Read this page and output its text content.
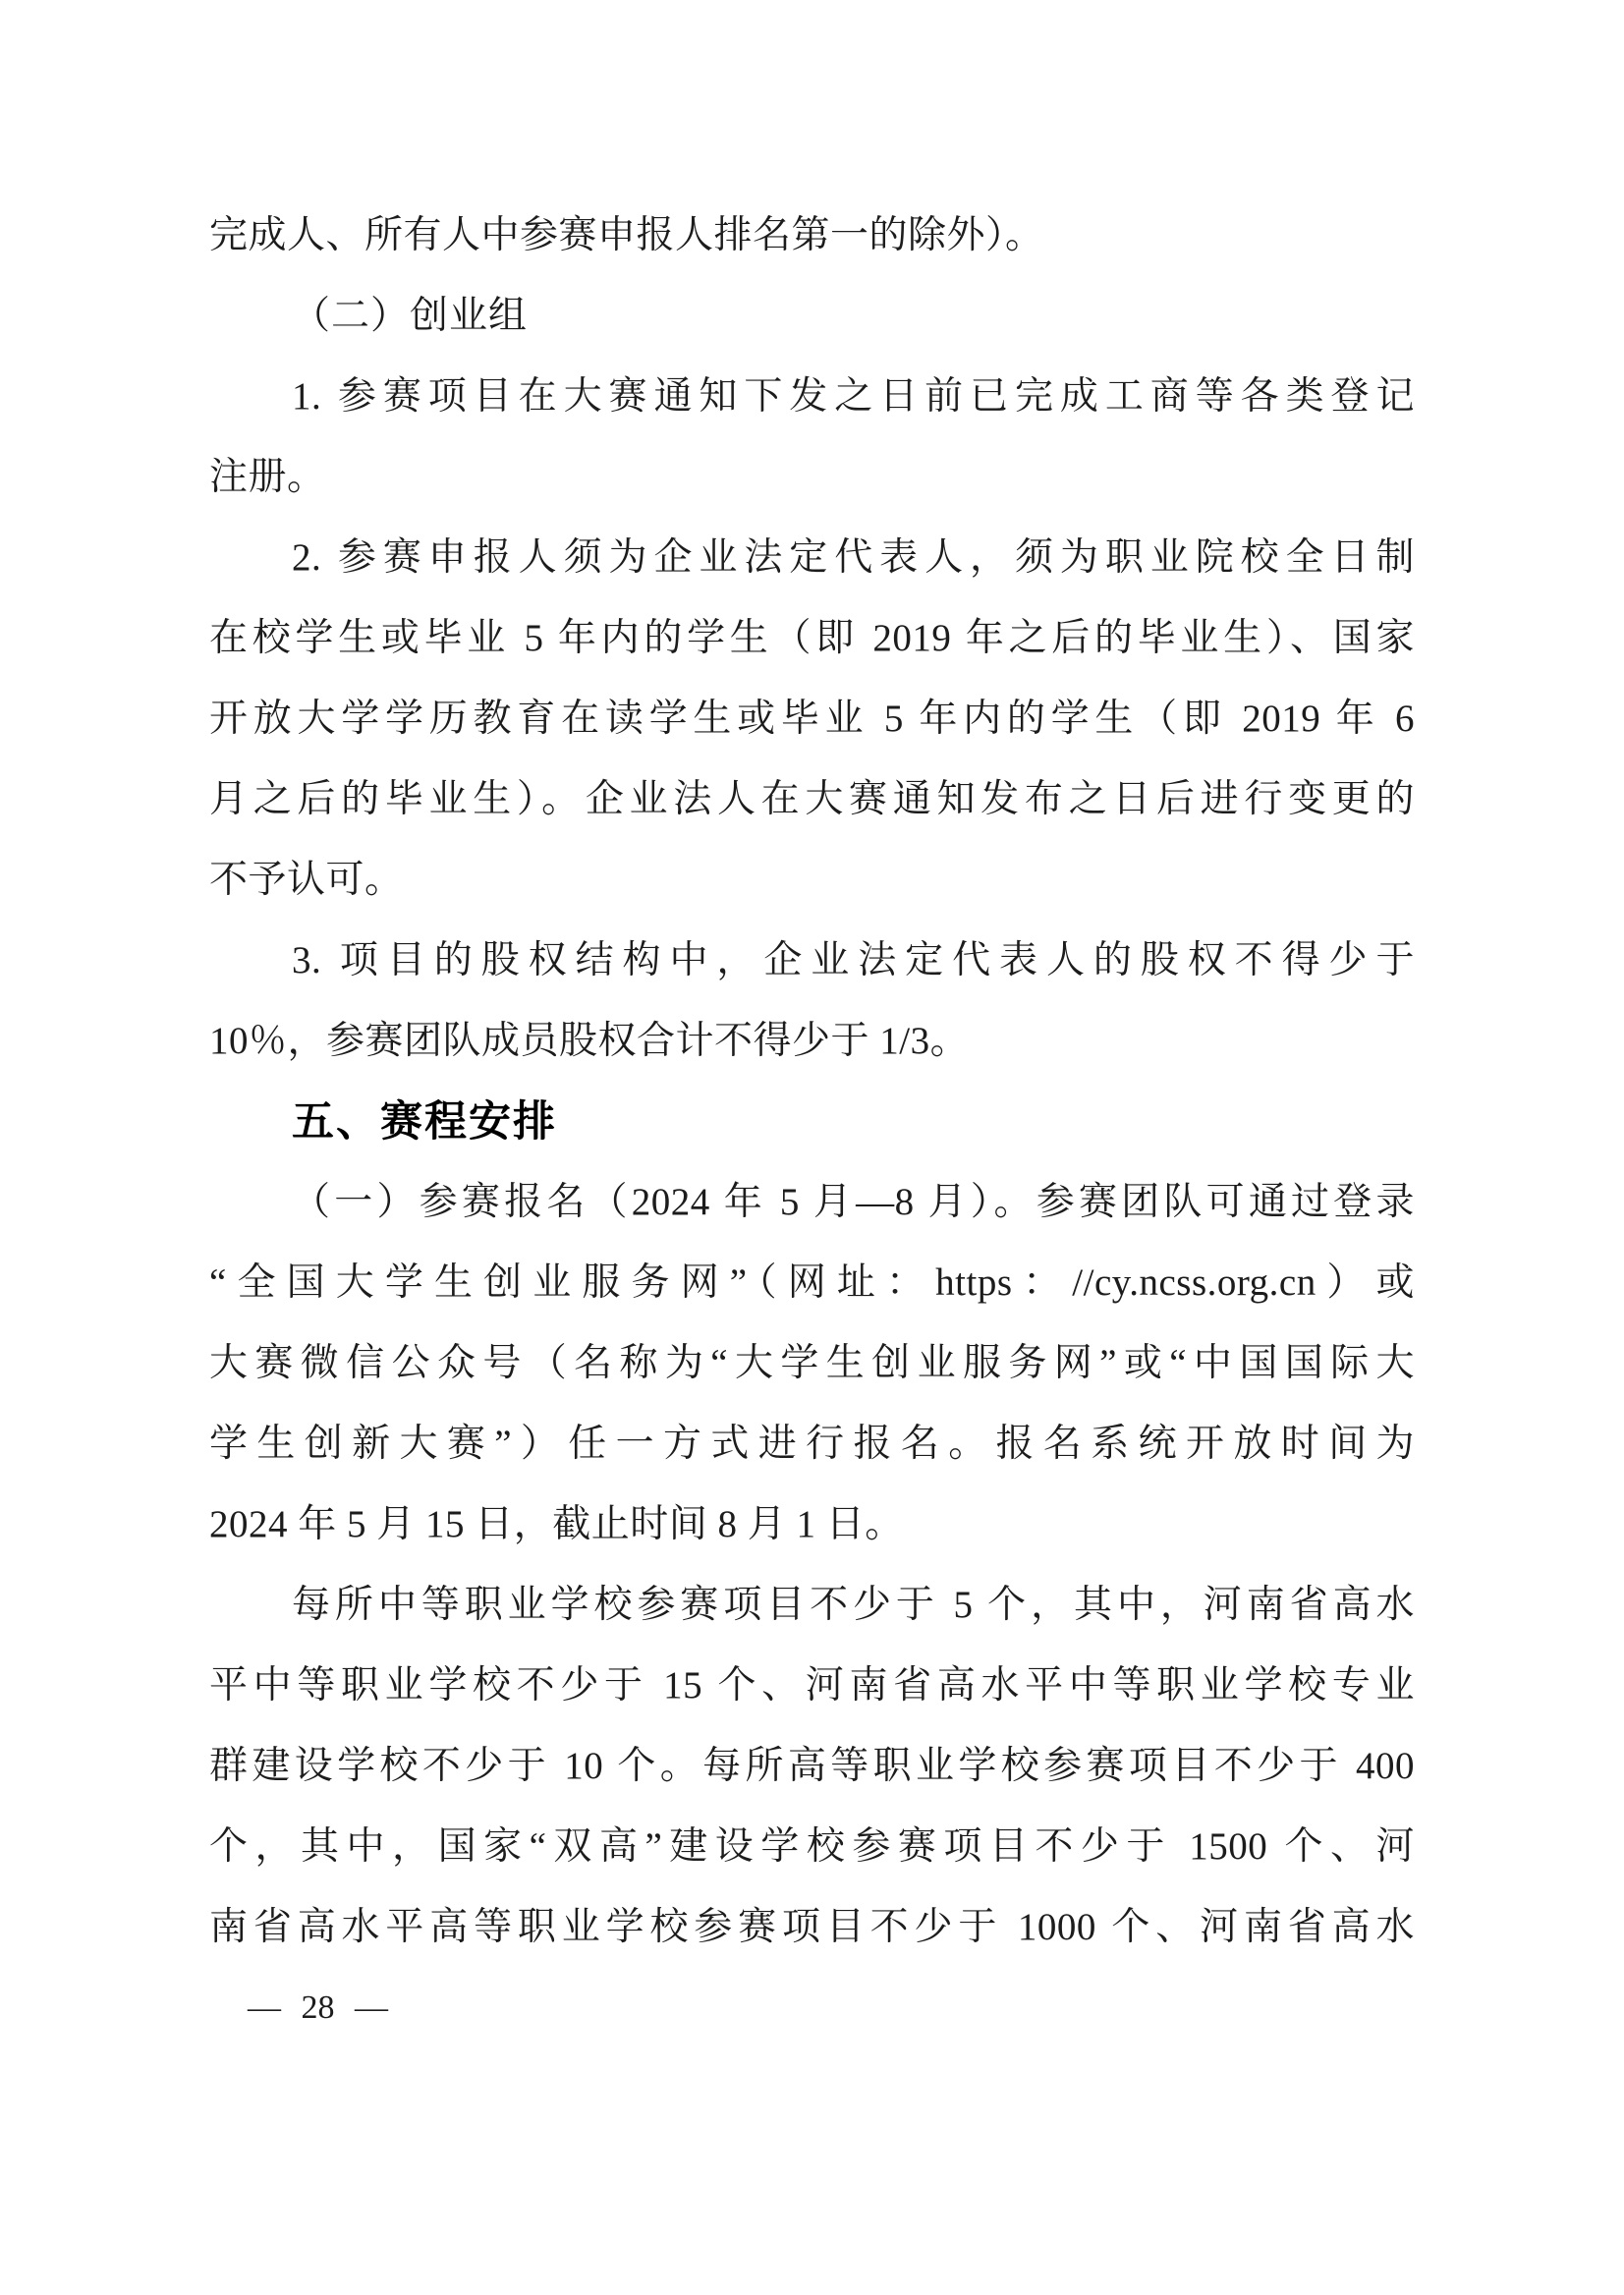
完成人、所有人中参赛申报人排名第一的除外）。
（二）创业组
1. 参赛项目在大赛通知下发之日前已完成工商等各类登记
注册。
2. 参赛申报人须为企业法定代表人，须为职业院校全日制
在校学生或毕业 5 年内的学生（即 2019 年之后的毕业生）、国家
开放大学学历教育在读学生或毕业 5 年内的学生（即 2019 年 6
月之后的毕业生）。企业法人在大赛通知发布之日后进行变更的
不予认可。
3. 项目的股权结构中，企业法定代表人的股权不得少于
10％，参赛团队成员股权合计不得少于 1/3。
五、赛程安排
（一）参赛报名（2024 年 5 月—8 月）。参赛团队可通过登录
“全国大学生创业服务网”（网址：https：//cy.ncss.org.cn）或
大赛微信公众号（名称为“大学生创业服务网”或“中国国际大
学生创新大赛”）任一方式进行报名。报名系统开放时间为
2024 年 5 月 15 日，截止时间 8 月 1 日。
每所中等职业学校参赛项目不少于 5 个，其中，河南省高水
平中等职业学校不少于 15 个、河南省高水平中等职业学校专业
群建设学校不少于 10 个。每所高等职业学校参赛项目不少于 400
个，其中，国家“双高”建设学校参赛项目不少于 1500 个、河
南省高水平高等职业学校参赛项目不少于 1000 个、河南省高水
— 28 —
